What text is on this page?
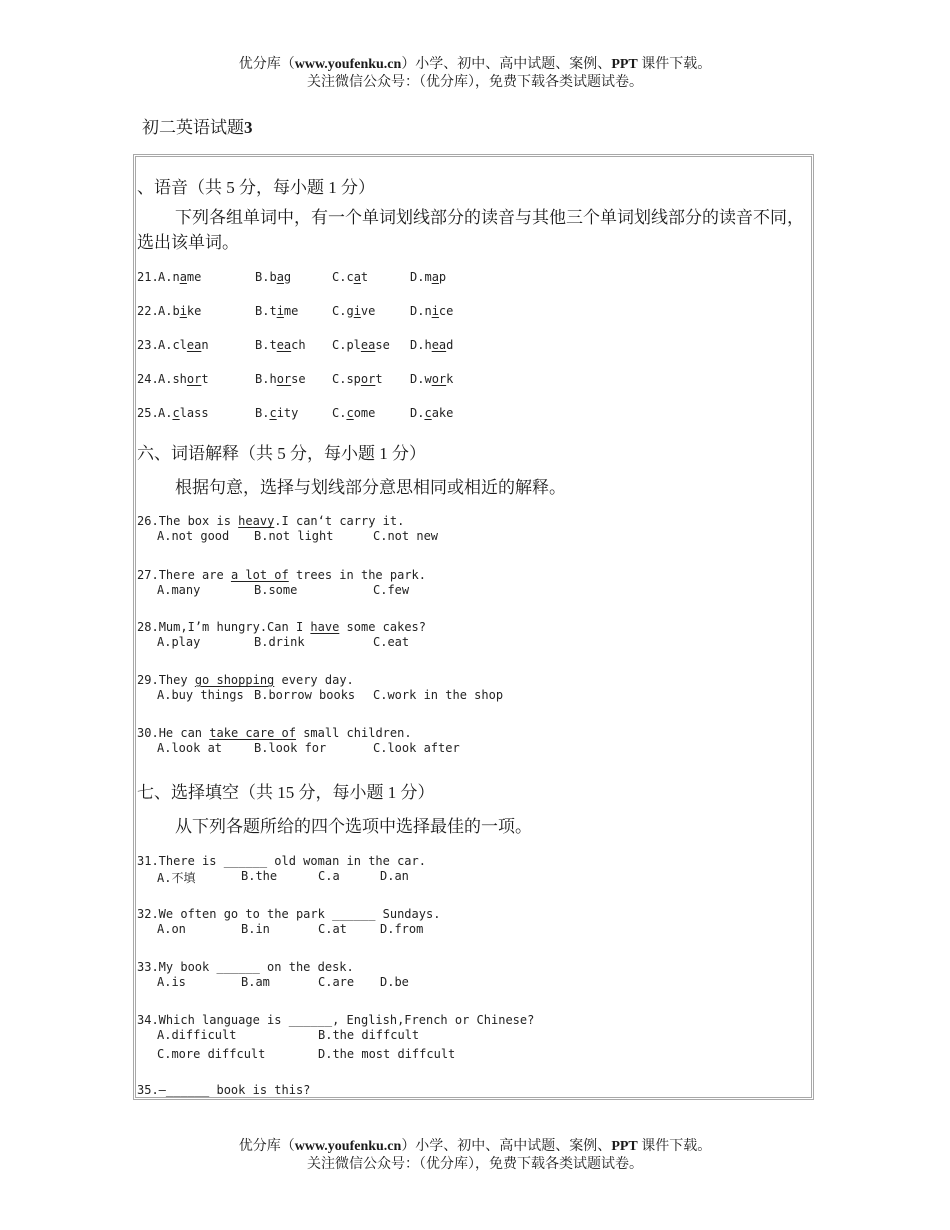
优分库（www.youfenku.cn）小学、初中、高中试题、案例、PPT 课件下载。
关注微信公众号：（优分库），免费下载各类试题试卷。
初二英语试题3
、语音（共 5 分，每小题 1 分）
下列各组单词中，有一个单词划线部分的读音与其他三个单词划线部分的读音不同，选出该单词。
21. A.name	B.bag	C.cat	D.map
22. A.bike	B.time	C.give	D.nice
23. A.clean	B.teach C.please D.head
24. A.short	B.horse C.sport D.work
25. A.class	B.city	C.come	D.cake
六、词语解释（共 5 分，每小题 1 分）
根据句意，选择与划线部分意思相同或相近的解释。
26.The box is heavy.I can‘t carry it.
A.not good B.not light	C.not new
27.There are a lot of trees in the park.
A.many	B.some	C.few
28.Mum,I’m hungry.Can I have some cakes?
A.play	B.drink	C.eat
29.They go shopping every day.
A.buy things B.borrow books C.work in the shop
30.He can take care of small children.
A.look at	B.look for	C.look after
七、选择填空（共 15 分，每小题 1 分）
从下列各题所给的四个选项中选择最佳的一项。
31.There is ______ old woman in the car.
A.不填	B.the	C.a	D.an
32.We often go to the park ______ Sundays.
A.on	B.in	C.at	D.from
33.My book ______ on the desk.
A.is	B.am	C.are D.be
34.Which language is ______, English,French or Chinese?
A.difficult	B.the diffcult
C.more diffcult	D.the most diffcult
35.—______ book is this?
优分库（www.youfenku.cn）小学、初中、高中试题、案例、PPT 课件下载。
关注微信公众号：（优分库），免费下载各类试题试卷。
